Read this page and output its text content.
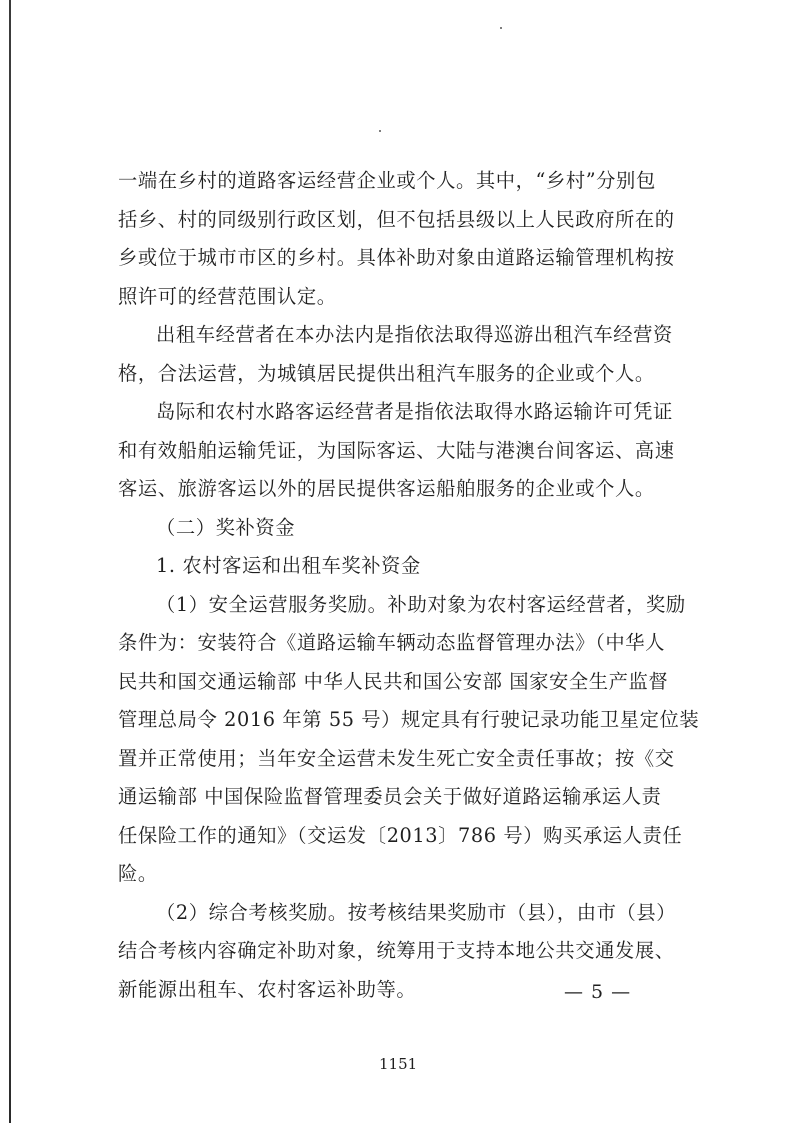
一端在乡村的道路客运经营企业或个人。其中，“乡村”分别包
括乡、村的同级别行政区划，但不包括县级以上人民政府所在的
乡或位于城市市区的乡村。具体补助对象由道路运输管理机构按
照许可的经营范围认定。
出租车经营者在本办法内是指依法取得巡游出租汽车经营资
格，合法运营，为城镇居民提供出租汽车服务的企业或个人。
岛际和农村水路客运经营者是指依法取得水路运输许可凭证
和有效船舶运输凭证，为国际客运、大陆与港澳台间客运、高速
客运、旅游客运以外的居民提供客运船舶服务的企业或个人。
（二）奖补资金
1. 农村客运和出租车奖补资金
（1）安全运营服务奖励。补助对象为农村客运经营者，奖励
条件为：安装符合《道路运输车辆动态监督管理办法》（中华人
民共和国交通运输部 中华人民共和国公安部 国家安全生产监督
管理总局令 2016 年第 55 号）规定具有行驶记录功能卫星定位装
置并正常使用；当年安全运营未发生死亡安全责任事故；按《交
通运输部 中国保险监督管理委员会关于做好道路运输承运人责
任保险工作的通知》（交运发〔2013〕786 号）购买承运人责任
险。
（2）综合考核奖励。按考核结果奖励市（县），由市（县）
结合考核内容确定补助对象，统筹用于支持本地公共交通发展、
新能源出租车、农村客运补助等。	— 5 —
1151
